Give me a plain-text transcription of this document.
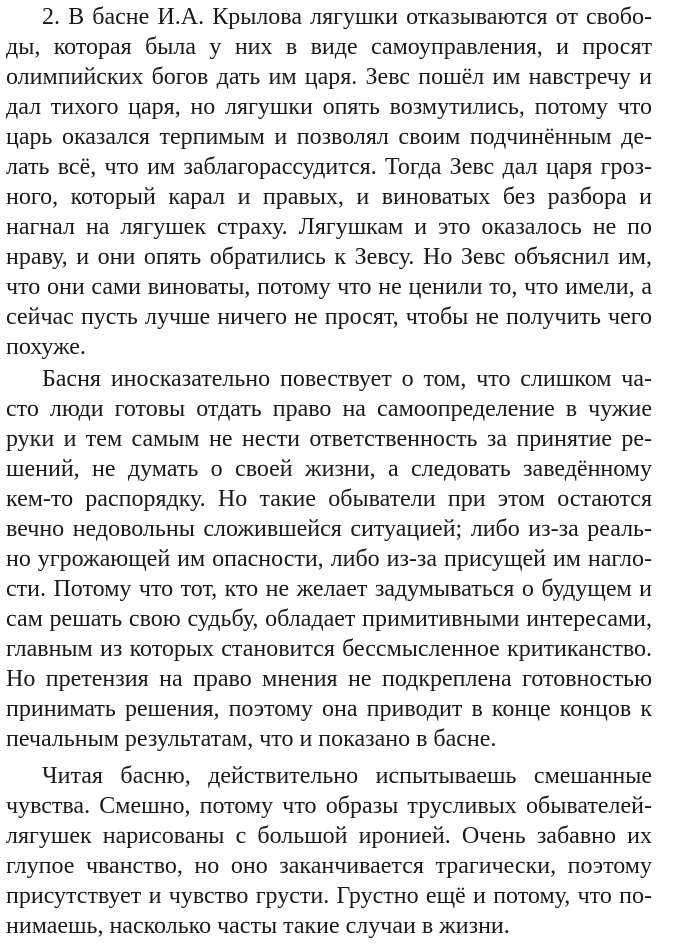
2. В басне И.А. Крылова лягушки отказываются от свобо-
ды, которая была у них в виде самоуправления, и просят
олимпийских богов дать им царя. Зевс пошёл им навстречу и
дал тихого царя, но лягушки опять возмутились, потому что
царь оказался терпимым и позволял своим подчинённым де-
лать всё, что им заблагорассудится. Тогда Зевс дал царя гроз-
ного, который карал и правых, и виноватых без разбора и
нагнал на лягушек страху. Лягушкам и это оказалось не по
нраву, и они опять обратились к Зевсу. Но Зевс объяснил им,
что они сами виноваты, потому что не ценили то, что имели, а
сейчас пусть лучше ничего не просят, чтобы не получить чего
похуже.
Басня иносказательно повествует о том, что слишком ча-
сто люди готовы отдать право на самоопределение в чужие
руки и тем самым не нести ответственность за принятие ре-
шений, не думать о своей жизни, а следовать заведённому
кем-то распорядку. Но такие обыватели при этом остаются
вечно недовольны сложившейся ситуацией; либо из-за реаль-
но угрожающей им опасности, либо из-за присущей им нагло-
сти. Потому что тот, кто не желает задумываться о будущем и
сам решать свою судьбу, обладает примитивными интересами,
главным из которых становится бессмысленное критиканство.
Но претензия на право мнения не подкреплена готовностью
принимать решения, поэтому она приводит в конце концов к
печальным результатам, что и показано в басне.
Читая басню, действительно испытываешь смешанные
чувства. Смешно, потому что образы трусливых обывателей-
лягушек нарисованы с большой иронией. Очень забавно их
глупое чванство, но оно заканчивается трагически, поэтому
присутствует и чувство грусти. Грустно ещё и потому, что по-
нимаешь, насколько часты такие случаи в жизни.
